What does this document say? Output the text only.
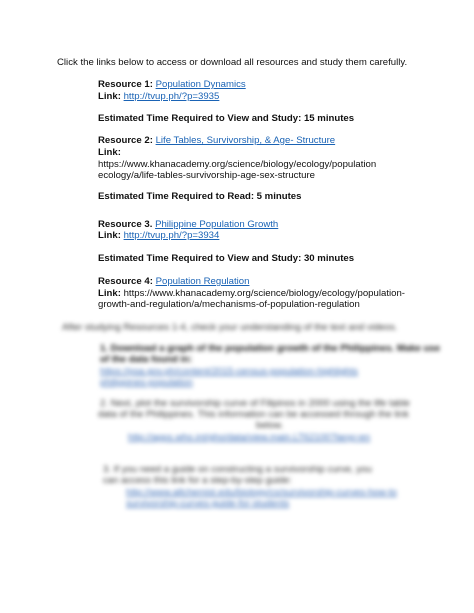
Click the links below to access or download all resources and study them carefully.
Resource 1: Population Dynamics
Link: http://tvup.ph/?p=3935
Estimated Time Required to View and Study: 15 minutes
Resource 2: Life Tables, Survivorship, & Age- Structure
Link:
https://www.khanacademy.org/science/biology/ecology/population
ecology/a/life-tables-survivorship-age-sex-structure
Estimated Time Required to Read: 5 minutes
Resource 3. Philippine Population Growth
Link: http://tvup.ph/?p=3934
Estimated Time Required to View and Study: 30 minutes
Resource 4: Population Regulation
Link: https://www.khanacademy.org/science/biology/ecology/population-
growth-and-regulation/a/mechanisms-of-population-regulation
After studying Resources 1-4, check your understanding of the text and videos.
1. Download a graph of the population growth of the Philippines. Make use
of the data found in:
https://psa.gov.ph/content/2015-census-population-highlights
philippines-population
2. Next, plot the survivorship curve of Filipinos in 2000 using the life table
data of the Philippines. This information can be accessed through the link
below.
http://apps.who.int/gho/data/view.main.LT62100?lang=en
3. If you need a guide on constructing a survivorship curve, you
can access this link for a step-by-step guide:
http://www.allchemist.edu/biology/cs/survivorship-curves-how-to
survivorship-curves-guide-for-students
